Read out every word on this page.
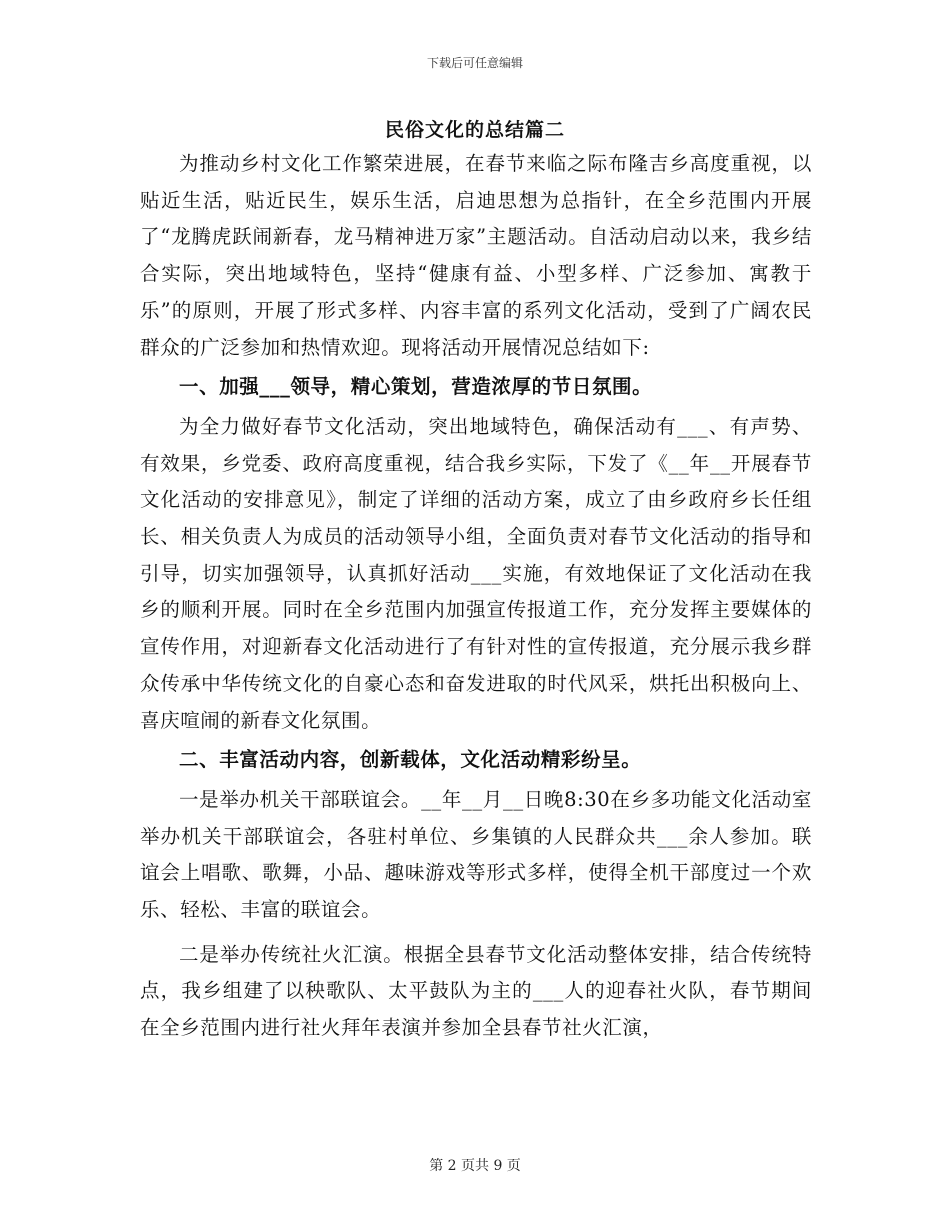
下载后可任意编辑
民俗文化的总结篇二

为推动乡村文化工作繁荣进展，在春节来临之际布隆吉乡高度重视，以贴近生活，贴近民生，娱乐生活，启迪思想为总指针，在全乡范围内开展了“龙腾虎跃闹新春，龙马精神进万家”主题活动。自活动启动以来，我乡结合实际，突出地域特色，坚持“健康有益、小型多样、广泛参加、寓教于乐”的原则，开展了形式多样、内容丰富的系列文化活动，受到了广阔农民群众的广泛参加和热情欢迎。现将活动开展情况总结如下:

一、加强___领导，精心策划，营造浓厚的节日氛围。

为全力做好春节文化活动，突出地域特色，确保活动有___、有声势、有效果，乡党委、政府高度重视，结合我乡实际，下发了《__年__开展春节文化活动的安排意见》，制定了详细的活动方案，成立了由乡政府乡长任组长、相关负责人为成员的活动领导小组，全面负责对春节文化活动的指导和引导，切实加强领导，认真抓好活动___实施，有效地保证了文化活动在我乡的顺利开展。同时在全乡范围内加强宣传报道工作，充分发挥主要媒体的宣传作用，对迎新春文化活动进行了有针对性的宣传报道，充分展示我乡群众传承中华传统文化的自豪心态和奋发进取的时代风采，烘托出积极向上、喜庆喧闹的新春文化氛围。

二、丰富活动内容，创新载体，文化活动精彩纷呈。

一是举办机关干部联谊会。__年__月__日晚8:30在乡多功能文化活动室举办机关干部联谊会，各驻村单位、乡集镇的人民群众共___余人参加。联谊会上唱歌、歌舞，小品、趣味游戏等形式多样，使得全机干部度过一个欢乐、轻松、丰富的联谊会。

二是举办传统社火汇演。根据全县春节文化活动整体安排，结合传统特点，我乡组建了以秧歌队、太平鼓队为主的___人的迎春社火队，春节期间在全乡范围内进行社火拜年表演并参加全县春节社火汇演，

第 2 页共 9 页
